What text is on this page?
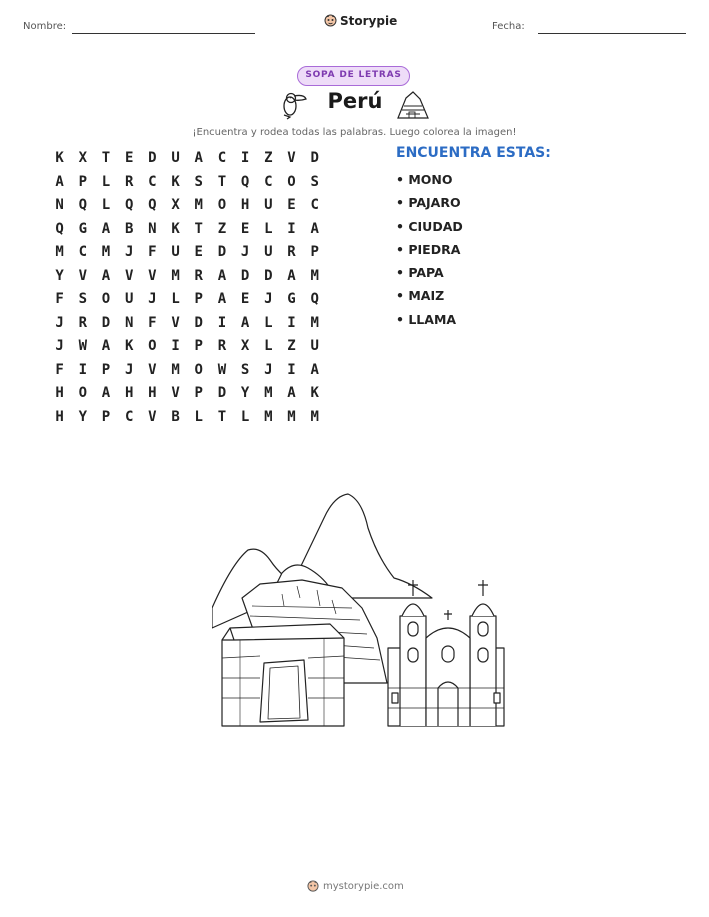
Nombre:	Storypie	Fecha:
SOPA DE LETRAS
Perú
¡Encuentra y rodea todas las palabras. Luego colorea la imagen!
K	X	T	E	D	U	A	C	I	Z	V	D
A	P	L	R	C	K	S	T	Q	C	O	S
N	Q	L	Q	Q	X	M	O	H	U	E	C
Q	G	A	B	N	K	T	Z	E	L	I	A
M	C	M	J	F	U	E	D	J	U	R	P
Y	V	A	V	V	M	R	A	D	D	A	M
F	S	O	U	J	L	P	A	E	J	G	Q
J	R	D	N	F	V	D	I	A	L	I	M
J	W	A	K	O	I	P	R	X	L	Z	U
F	I	P	J	V	M	O	W	S	J	I	A
H	O	A	H	H	V	P	D	Y	M	A	K
H	Y	P	C	V	B	L	T	L	M	M	M
ENCUENTRA ESTAS:
• MONO
• PAJARO
• CIUDAD
• PIEDRA
• PAPA
• MAIZ
• LLAMA
mystorypie.com
